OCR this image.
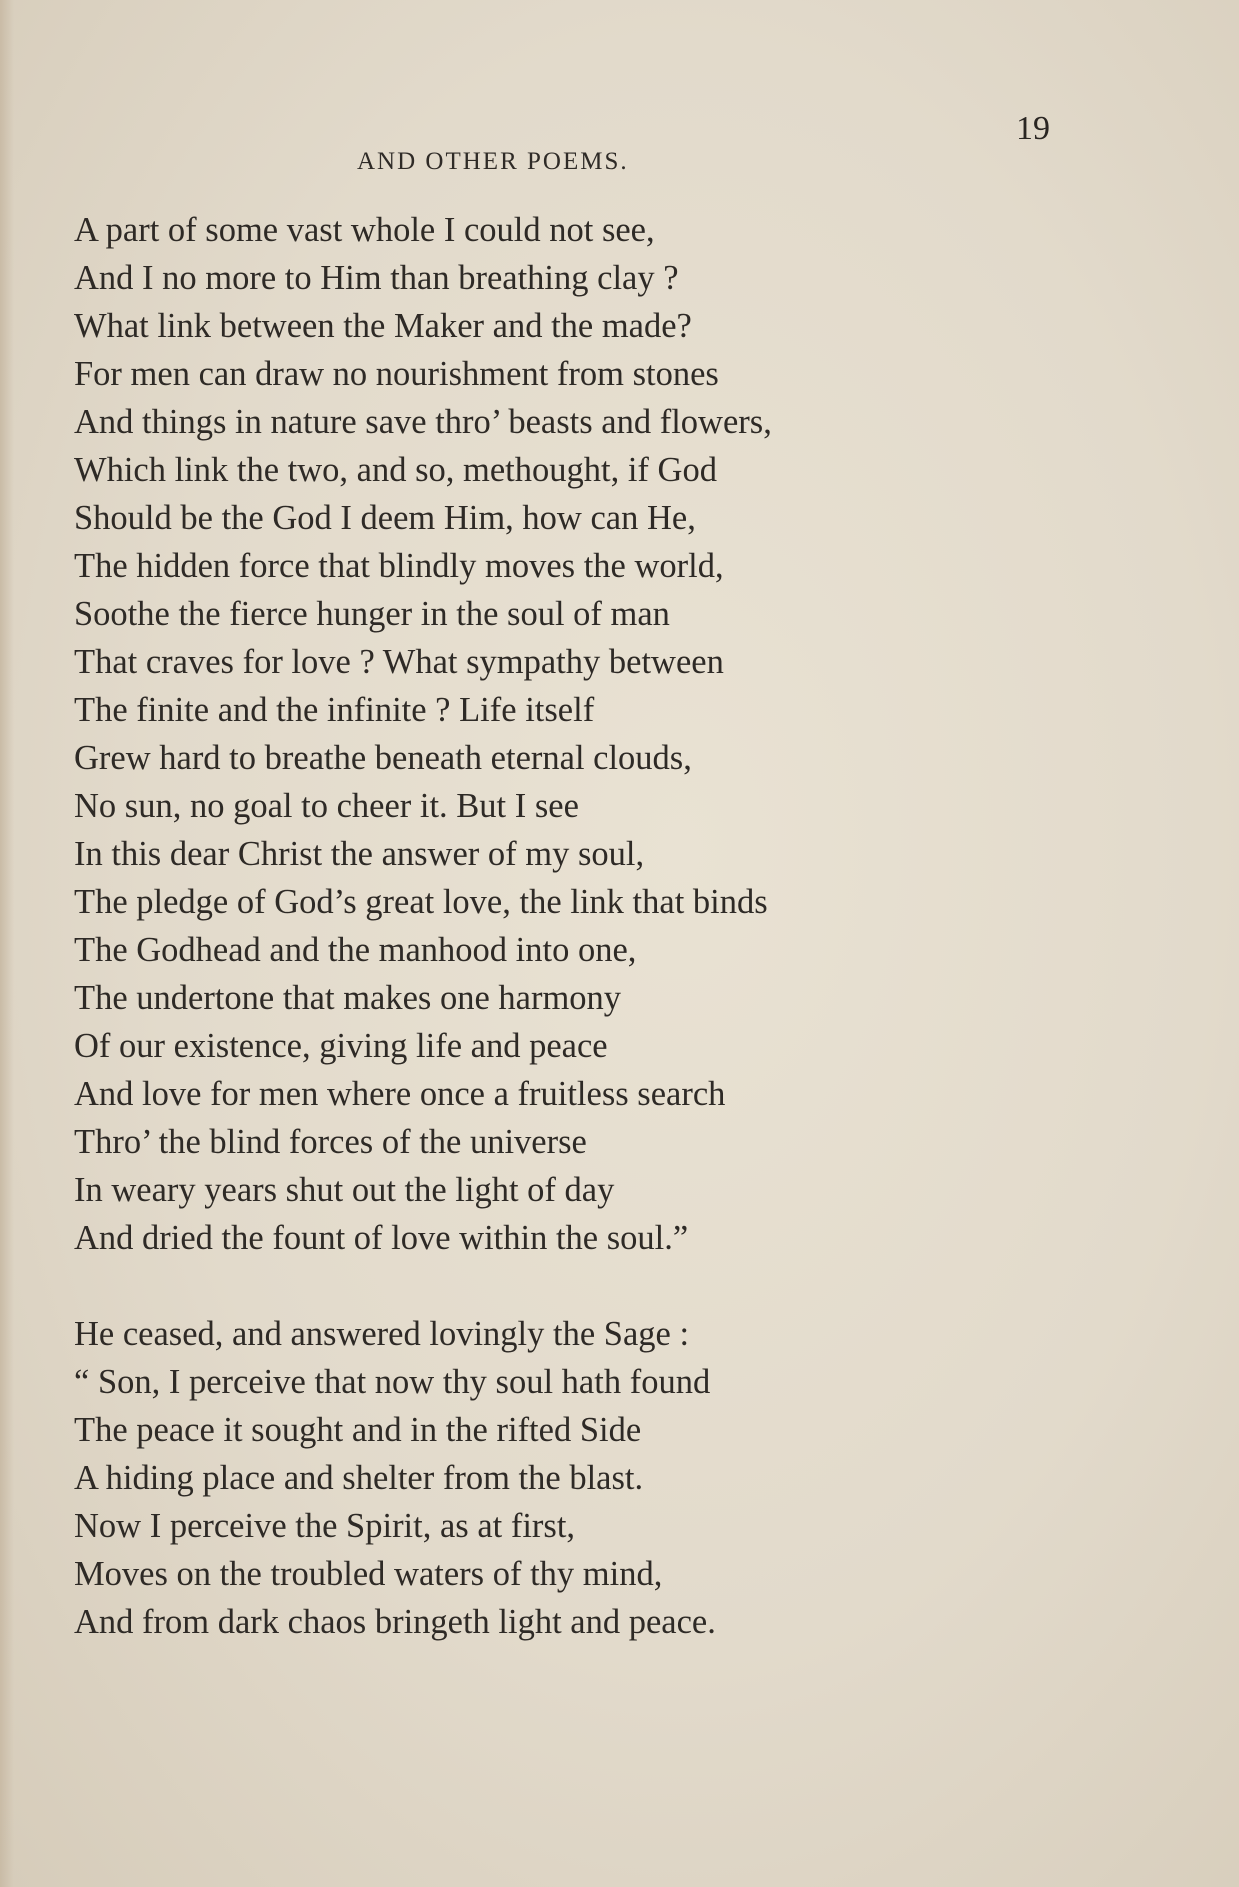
19
AND OTHER POEMS.
A part of some vast whole I could not see,
And I no more to Him than breathing clay ?
What link between the Maker and the made?
For men can draw no nourishment from stones
And things in nature save thro’ beasts and flowers,
Which link the two, and so, methought, if God
Should be the God I deem Him, how can He,
The hidden force that blindly moves the world,
Soothe the fierce hunger in the soul of man
That craves for love ? What sympathy between
The finite and the infinite ? Life itself
Grew hard to breathe beneath eternal clouds,
No sun, no goal to cheer it. But I see
In this dear Christ the answer of my soul,
The pledge of God’s great love, the link that binds
The Godhead and the manhood into one,
The undertone that makes one harmony
Of our existence, giving life and peace
And love for men where once a fruitless search
Thro’ the blind forces of the universe
In weary years shut out the light of day
And dried the fount of love within the soul.”
He ceased, and answered lovingly the Sage :
“ Son, I perceive that now thy soul hath found
The peace it sought and in the rifted Side
A hiding place and shelter from the blast.
Now I perceive the Spirit, as at first,
Moves on the troubled waters of thy mind,
And from dark chaos bringeth light and peace.
